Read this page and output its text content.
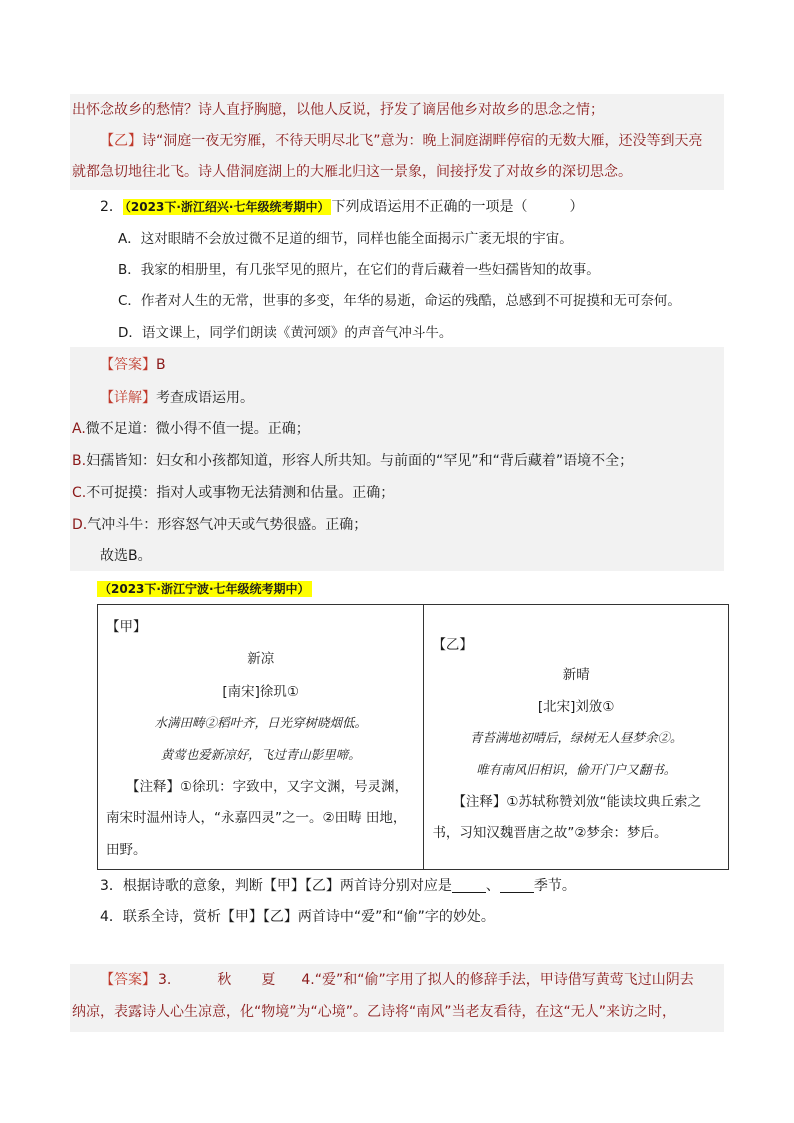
出怀念故乡的愁情？诗人直抒胸臆，以他人反说，抒发了谪居他乡对故乡的思念之情；
【乙】诗“洞庭一夜无穷雁，不待天明尽北飞”意为：晚上洞庭湖畔停宿的无数大雁，还没等到天亮
就都急切地往北飞。诗人借洞庭湖上的大雁北归这一景象，间接抒发了对故乡的深切思念。
2． （2023下·浙江绍兴·七年级统考期中） 下列成语运用不正确的一项是（　　　）
A．这对眼睛不会放过微不足道的细节，同样也能全面揭示广袤无垠的宇宙。
B．我家的相册里，有几张罕见的照片，在它们的背后藏着一些妇孺皆知的故事。
C．作者对人生的无常，世事的多变，年华的易逝，命运的残酷，总感到不可捉摸和无可奈何。
D．语文课上，同学们朗读《黄河颂》的声音气冲斗牛。
【答案】B
【详解】考查成语运用。
A.微不足道：微小得不值一提。正确；
B.妇孺皆知：妇女和小孩都知道，形容人所共知。与前面的“罕见”和“背后藏着”语境不全；
C.不可捉摸：指对人或事物无法猜测和估量。正确；
D.气冲斗牛：形容怒气冲天或气势很盛。正确；
故选B。
（2023下·浙江宁波·七年级统考期中）
【甲】
新凉
[南宋]徐玑①
水满田畴②稻叶齐，日光穿树晓烟低。
黄莺也爱新凉好，飞过青山影里啼。
【注释】①徐玑：字致中，又字文渊，号灵渊，
南宋时温州诗人，“永嘉四灵”之一。②田畴 田地，
田野。

【乙】
新晴
[北宋]刘攽①
青苔满地初晴后，绿树无人昼梦余②。
唯有南风旧相识，偷开门户又翻书。
【注释】①苏轼称赞刘攽“能读坟典丘索之
书，习知汉魏晋唐之故”②梦余：梦后。
3．根据诗歌的意象，判断【甲】【乙】两首诗分别对应是 、 季节。
4．联系全诗，赏析【甲】【乙】两首诗中“爱”和“偷”字的妙处。
【答案】 3.	秋 夏 4.“爱”和“偷”字用了拟人的修辞手法，甲诗借写黄莺飞过山阴去
纳凉，表露诗人心生凉意，化“物境”为“心境”。乙诗将“南风”当老友看待，在这“无人”来访之时，
